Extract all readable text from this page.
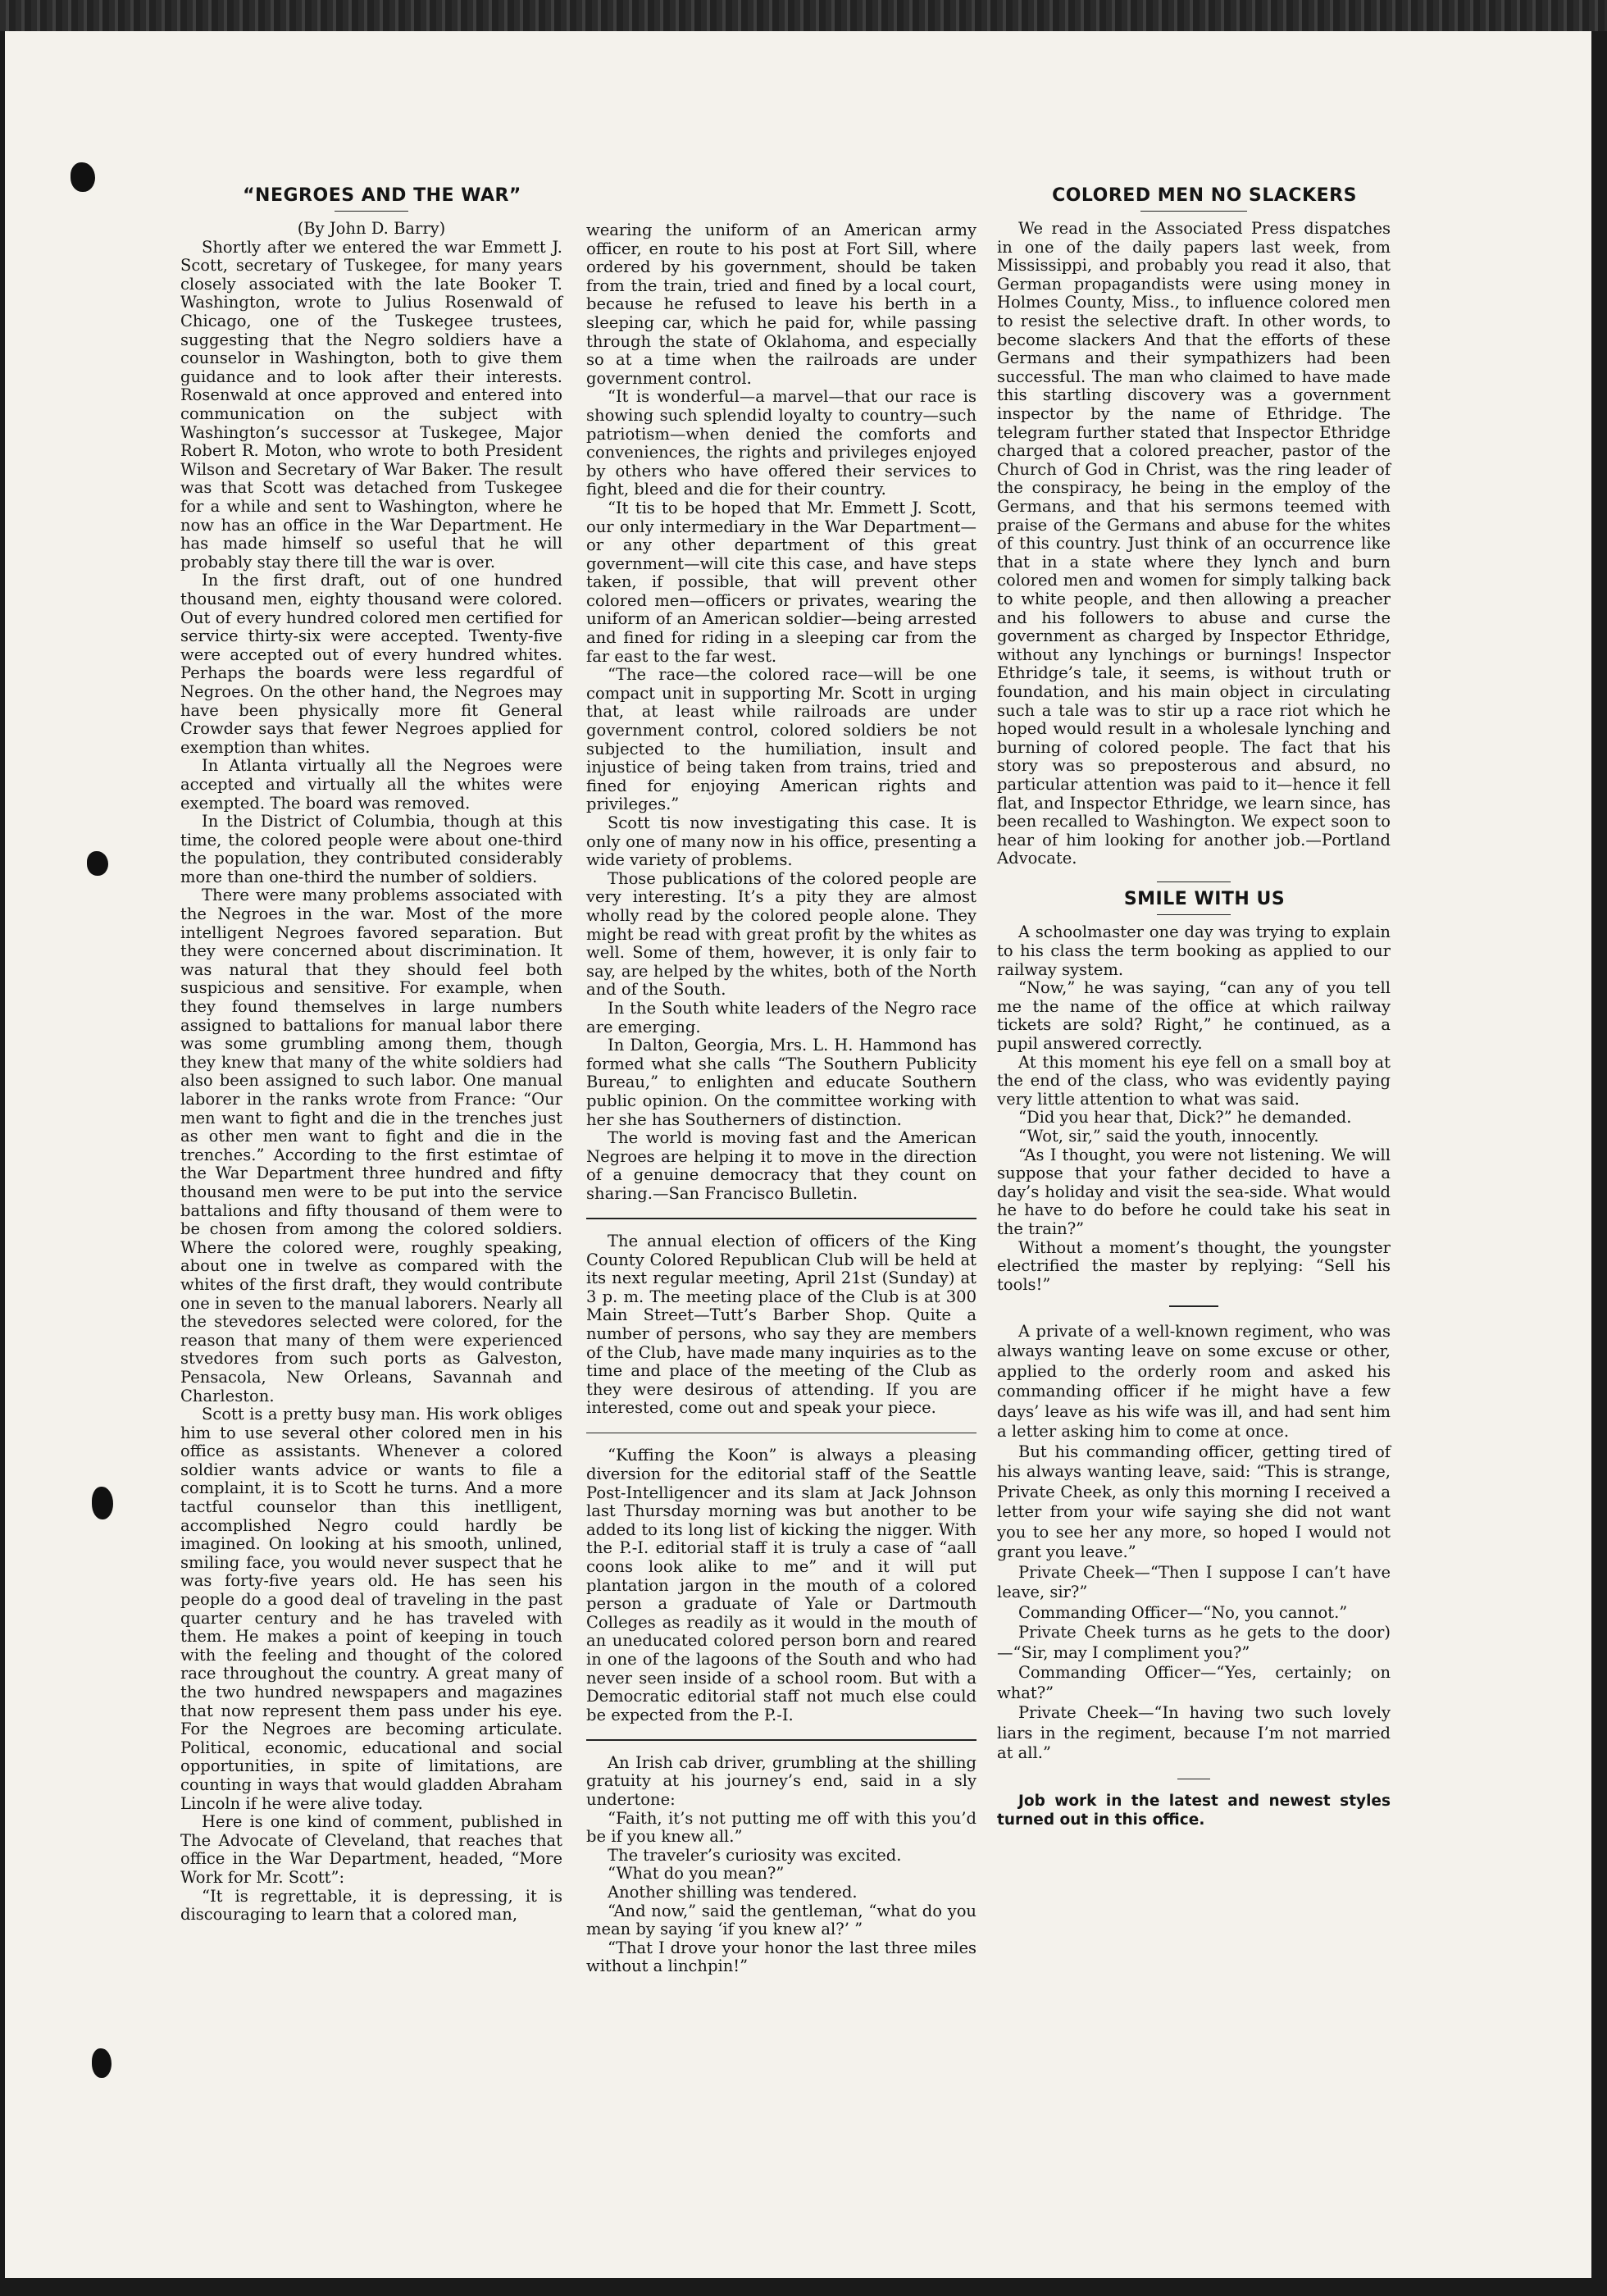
“NEGROES AND THE WAR”

(By John D. Barry)

Shortly after we entered the war Emmett J. Scott, secretary of Tuskegee, for many years closely associated with the late Booker T. Washington, wrote to Julius Rosenwald of Chicago, one of the Tuskegee trustees, suggesting that the Negro soldiers have a counselor in Washington, both to give them guidance and to look after their interests. Rosenwald at once approved and entered into communication on the subject with Washington’s successor at Tuskegee, Major Robert R. Moton, who wrote to both President Wilson and Secretary of War Baker. The result was that Scott was detached from Tuskegee for a while and sent to Washington, where he now has an office in the War Department. He has made himself so useful that he will probably stay there till the war is over.

In the first draft, out of one hundred thousand men, eighty thousand were colored. Out of every hundred colored men certified for service thirty-six were accepted. Twenty-five were accepted out of every hundred whites. Perhaps the boards were less regardful of Negroes. On the other hand, the Negroes may have been physically more fit General Crowder says that fewer Negroes applied for exemption than whites.

In Atlanta virtually all the Negroes were accepted and virtually all the whites were exempted. The board was removed.

In the District of Columbia, though at this time, the colored people were about one-third the population, they contributed considerably more than one-third the number of soldiers.

There were many problems associated with the Negroes in the war. Most of the more intelligent Negroes favored separation. But they were concerned about discrimination. It was natural that they should feel both suspicious and sensitive. For example, when they found themselves in large numbers assigned to battalions for manual labor there was some grumbling among them, though they knew that many of the white soldiers had also been assigned to such labor. One manual laborer in the ranks wrote from France: “Our men want to fight and die in the trenches just as other men want to fight and die in the trenches.” According to the first estimtae of the War Department three hundred and fifty thousand men were to be put into the service battalions and fifty thousand of them were to be chosen from among the colored soldiers. Where the colored were, roughly speaking, about one in twelve as compared with the whites of the first draft, they would contribute one in seven to the manual laborers. Nearly all the stevedores selected were colored, for the reason that many of them were experienced stvedores from such ports as Galveston, Pensacola, New Orleans, Savannah and Charleston.

Scott is a pretty busy man. His work obliges him to use several other colored men in his office as assistants. Whenever a colored soldier wants advice or wants to file a complaint, it is to Scott he turns. And a more tactful counselor than this inetlligent, accomplished Negro could hardly be imagined. On looking at his smooth, unlined, smiling face, you would never suspect that he was forty-five years old. He has seen his people do a good deal of traveling in the past quarter century and he has traveled with them. He makes a point of keeping in touch with the feeling and thought of the colored race throughout the country. A great many of the two hundred newspapers and magazines that now represent them pass under his eye. For the Negroes are becoming articulate. Political, economic, educational and social opportunities, in spite of limitations, are counting in ways that would gladden Abraham Lincoln if he were alive today.

Here is one kind of comment, published in The Advocate of Cleveland, that reaches that office in the War Department, headed, “More Work for Mr. Scott”:

“It is regrettable, it is depressing, it is discouraging to learn that a colored man,

wearing the uniform of an American army officer, en route to his post at Fort Sill, where ordered by his government, should be taken from the train, tried and fined by a local court, because he refused to leave his berth in a sleeping car, which he paid for, while passing through the state of Oklahoma, and especially so at a time when the railroads are under government control.

“It is wonderful—a marvel—that our race is showing such splendid loyalty to country—such patriotism—when denied the comforts and conveniences, the rights and privileges enjoyed by others who have offered their services to fight, bleed and die for their country.

“It tis to be hoped that Mr. Emmett J. Scott, our only intermediary in the War Department—or any other department of this great government—will cite this case, and have steps taken, if possible, that will prevent other colored men—officers or privates, wearing the uniform of an American soldier—being arrested and fined for riding in a sleeping car from the far east to the far west.

“The race—the colored race—will be one compact unit in supporting Mr. Scott in urging that, at least while railroads are under government control, colored soldiers be not subjected to the humiliation, insult and injustice of being taken from trains, tried and fined for enjoying American rights and privileges.”

Scott tis now investigating this case. It is only one of many now in his office, presenting a wide variety of problems.

Those publications of the colored people are very interesting. It’s a pity they are almost wholly read by the colored people alone. They might be read with great profit by the whites as well. Some of them, however, it is only fair to say, are helped by the whites, both of the North and of the South.

In the South white leaders of the Negro race are emerging.

In Dalton, Georgia, Mrs. L. H. Hammond has formed what she calls “The Southern Publicity Bureau,” to enlighten and educate Southern public opinion. On the committee working with her she has Southerners of distinction.

The world is moving fast and the American Negroes are helping it to move in the direction of a genuine democracy that they count on sharing.—San Francisco Bulletin.

The annual election of officers of the King County Colored Republican Club will be held at its next regular meeting, April 21st (Sunday) at 3 p. m. The meeting place of the Club is at 300 Main Street—Tutt’s Barber Shop. Quite a number of persons, who say they are members of the Club, have made many inquiries as to the time and place of the meeting of the Club as they were desirous of attending. If you are interested, come out and speak your piece.

“Kuffing the Koon” is always a pleasing diversion for the editorial staff of the Seattle Post-Intelligencer and its slam at Jack Johnson last Thursday morning was but another to be added to its long list of kicking the nigger. With the P.-I. editorial staff it is truly a case of “aall coons look alike to me” and it will put plantation jargon in the mouth of a colored person a graduate of Yale or Dartmouth Colleges as readily as it would in the mouth of an uneducated colored person born and reared in one of the lagoons of the South and who had never seen inside of a school room. But with a Democratic editorial staff not much else could be expected from the P.-I.

An Irish cab driver, grumbling at the shilling gratuity at his journey’s end, said in a sly undertone:

“Faith, it’s not putting me off with this you’d be if you knew all.”

The traveler’s curiosity was excited.

“What do you mean?”

Another shilling was tendered.

“And now,” said the gentleman, “what do you mean by saying ‘if you knew al?’ ”

“That I drove your honor the last three miles without a linchpin!”

COLORED MEN NO SLACKERS

We read in the Associated Press dispatches in one of the daily papers last week, from Mississippi, and probably you read it also, that German propagandists were using money in Holmes County, Miss., to influence colored men to resist the selective draft. In other words, to become slackers And that the efforts of these Germans and their sympathizers had been successful. The man who claimed to have made this startling discovery was a government inspector by the name of Ethridge. The telegram further stated that Inspector Ethridge charged that a colored preacher, pastor of the Church of God in Christ, was the ring leader of the conspiracy, he being in the employ of the Germans, and that his sermons teemed with praise of the Germans and abuse for the whites of this country. Just think of an occurrence like that in a state where they lynch and burn colored men and women for simply talking back to white people, and then allowing a preacher and his followers to abuse and curse the government as charged by Inspector Ethridge, without any lynchings or burnings! Inspector Ethridge’s tale, it seems, is without truth or foundation, and his main object in circulating such a tale was to stir up a race riot which he hoped would result in a wholesale lynching and burning of colored people. The fact that his story was so preposterous and absurd, no particular attention was paid to it—hence it fell flat, and Inspector Ethridge, we learn since, has been recalled to Washington. We expect soon to hear of him looking for another job.—Portland Advocate.

SMILE WITH US

A schoolmaster one day was trying to explain to his class the term booking as applied to our railway system.

“Now,” he was saying, “can any of you tell me the name of the office at which railway tickets are sold? Right,” he continued, as a pupil answered correctly.

At this moment his eye fell on a small boy at the end of the class, who was evidently paying very little attention to what was said.

“Did you hear that, Dick?” he demanded.

“Wot, sir,” said the youth, innocently.

“As I thought, you were not listening. We will suppose that your father decided to have a day’s holiday and visit the sea-side. What would he have to do before he could take his seat in the train?”

Without a moment’s thought, the youngster electrified the master by replying: “Sell his tools!”

A private of a well-known regiment, who was always wanting leave on some excuse or other, applied to the orderly room and asked his commanding officer if he might have a few days’ leave as his wife was ill, and had sent him a letter asking him to come at once.

But his commanding officer, getting tired of his always wanting leave, said: “This is strange, Private Cheek, as only this morning I received a letter from your wife saying she did not want you to see her any more, so hoped I would not grant you leave.”

Private Cheek—“Then I suppose I can’t have leave, sir?”

Commanding Officer—“No, you cannot.”

Private Cheek turns as he gets to the door)—“Sir, may I compliment you?”

Commanding Officer—“Yes, certainly; on what?”

Private Cheek—“In having two such lovely liars in the regiment, because I’m not married at all.”

Job work in the latest and newest styles turned out in this office.
